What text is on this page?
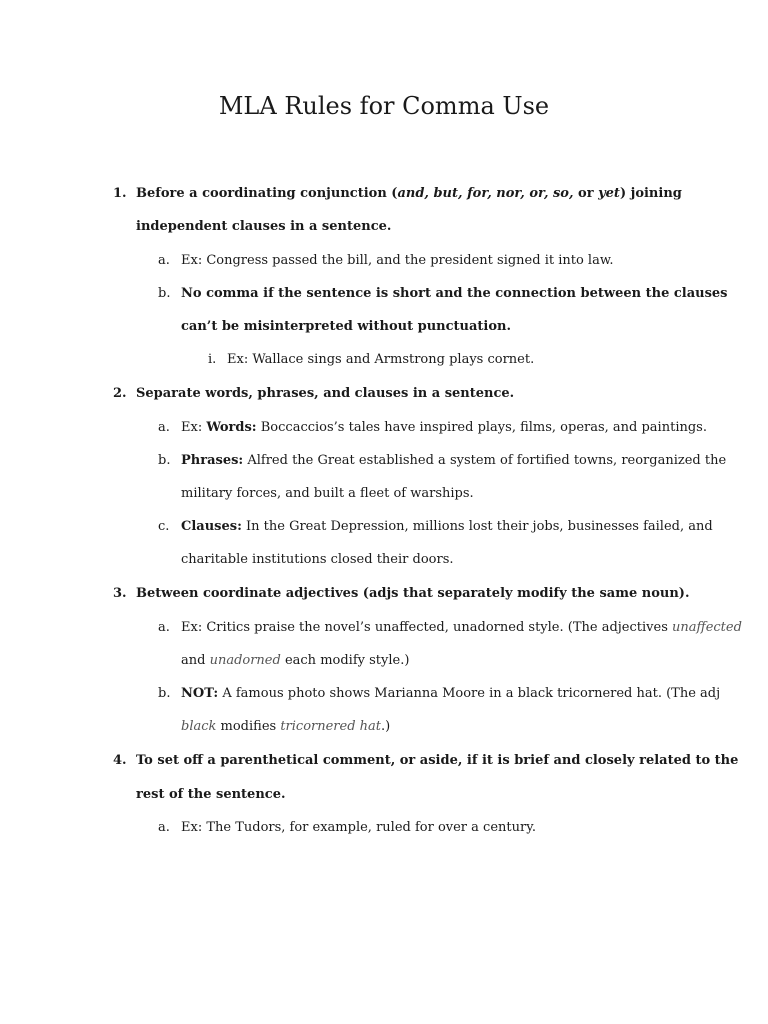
MLA Rules for Comma Use
1. Before a coordinating conjunction (and, but, for, nor, or, so, or yet) joining
independent clauses in a sentence.
a. Ex: Congress passed the bill, and the president signed it into law.
b. No comma if the sentence is short and the connection between the clauses
can’t be misinterpreted without punctuation.
i. Ex: Wallace sings and Armstrong plays cornet.
2. Separate words, phrases, and clauses in a sentence.
a. Ex: Words: Boccaccios’s tales have inspired plays, films, operas, and paintings.
b. Phrases: Alfred the Great established a system of fortified towns, reorganized the
military forces, and built a fleet of warships.
c. Clauses: In the Great Depression, millions lost their jobs, businesses failed, and
charitable institutions closed their doors.
3. Between coordinate adjectives (adjs that separately modify the same noun).
a. Ex: Critics praise the novel’s unaffected, unadorned style. (The adjectives unaffected
and unadorned each modify style.)
b. NOT: A famous photo shows Marianna Moore in a black tricornered hat. (The adj
black modifies tricornered hat.)
4. To set off a parenthetical comment, or aside, if it is brief and closely related to the
rest of the sentence.
a. Ex: The Tudors, for example, ruled for over a century.
